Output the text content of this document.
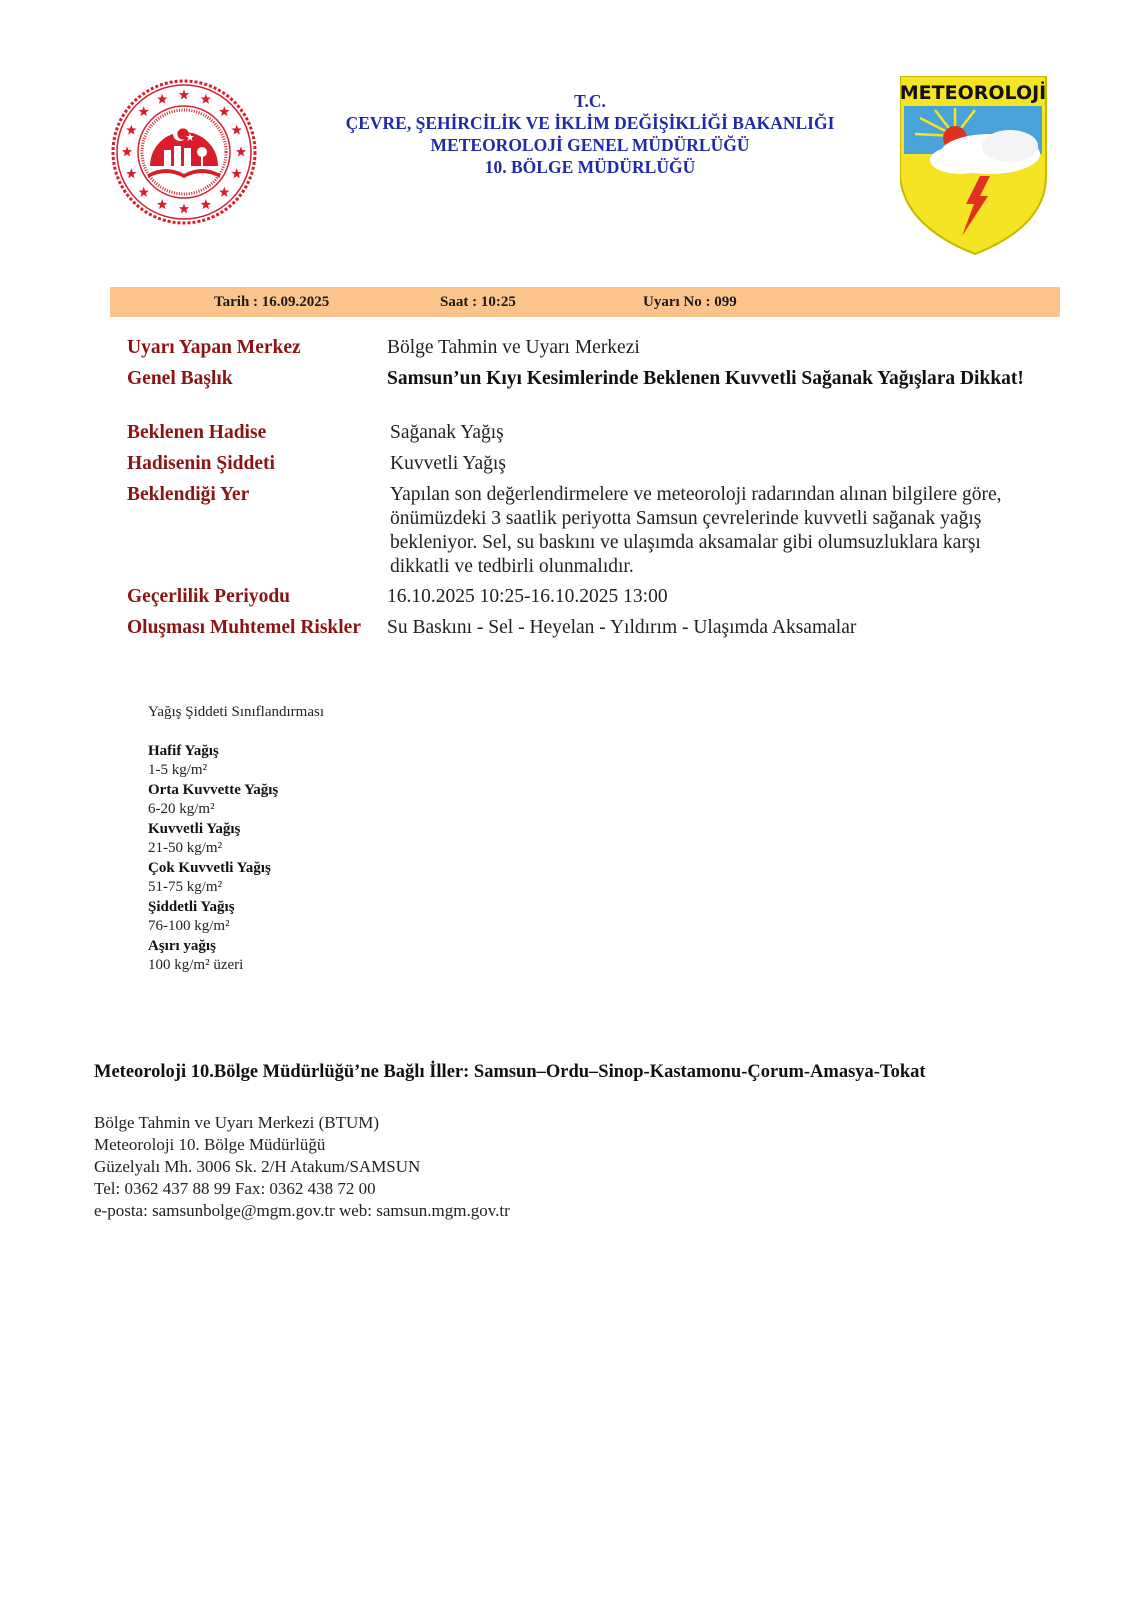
T.C.
ÇEVRE, ŞEHİRCİLİK VE İKLİM DEĞİŞİKLİĞİ BAKANLIĞI
METEOROLOJİ GENEL MÜDÜRLÜĞÜ
10. BÖLGE MÜDÜRLÜĞÜ
METEOROLOJİ
Tarih : 16.09.2025	Saat : 10:25	Uyarı No : 099
Uyarı Yapan Merkez	Bölge Tahmin ve Uyarı Merkezi
Genel Başlık	Samsun’un Kıyı Kesimlerinde Beklenen Kuvvetli Sağanak Yağışlara Dikkat!
Beklenen Hadise	Sağanak Yağış
Hadisenin Şiddeti	Kuvvetli Yağış
Beklendiği Yer	Yapılan son değerlendirmelere ve meteoroloji radarından alınan bilgilere göre, önümüzdeki 3 saatlik periyotta Samsun çevrelerinde kuvvetli sağanak yağış bekleniyor. Sel, su baskını ve ulaşımda aksamalar gibi olumsuzluklara karşı dikkatli ve tedbirli olunmalıdır.
Geçerlilik Periyodu	16.10.2025 10:25-16.10.2025 13:00
Oluşması Muhtemel Riskler	Su Baskını - Sel - Heyelan - Yıldırım - Ulaşımda Aksamalar
Yağış Şiddeti Sınıflandırması
Hafif Yağış
1-5 kg/m²
Orta Kuvvette Yağış
6-20 kg/m²
Kuvvetli Yağış
21-50 kg/m²
Çok Kuvvetli Yağış
51-75 kg/m²
Şiddetli Yağış
76-100 kg/m²
Aşırı yağış
100 kg/m² üzeri
Meteoroloji 10.Bölge Müdürlüğü’ne Bağlı İller: Samsun–Ordu–Sinop-Kastamonu-Çorum-Amasya-Tokat
Bölge Tahmin ve Uyarı Merkezi (BTUM)
Meteoroloji 10. Bölge Müdürlüğü
Güzelyalı Mh. 3006 Sk. 2/H Atakum/SAMSUN
Tel: 0362 437 88 99 Fax: 0362 438 72 00
e-posta: samsunbolge@mgm.gov.tr web: samsun.mgm.gov.tr
